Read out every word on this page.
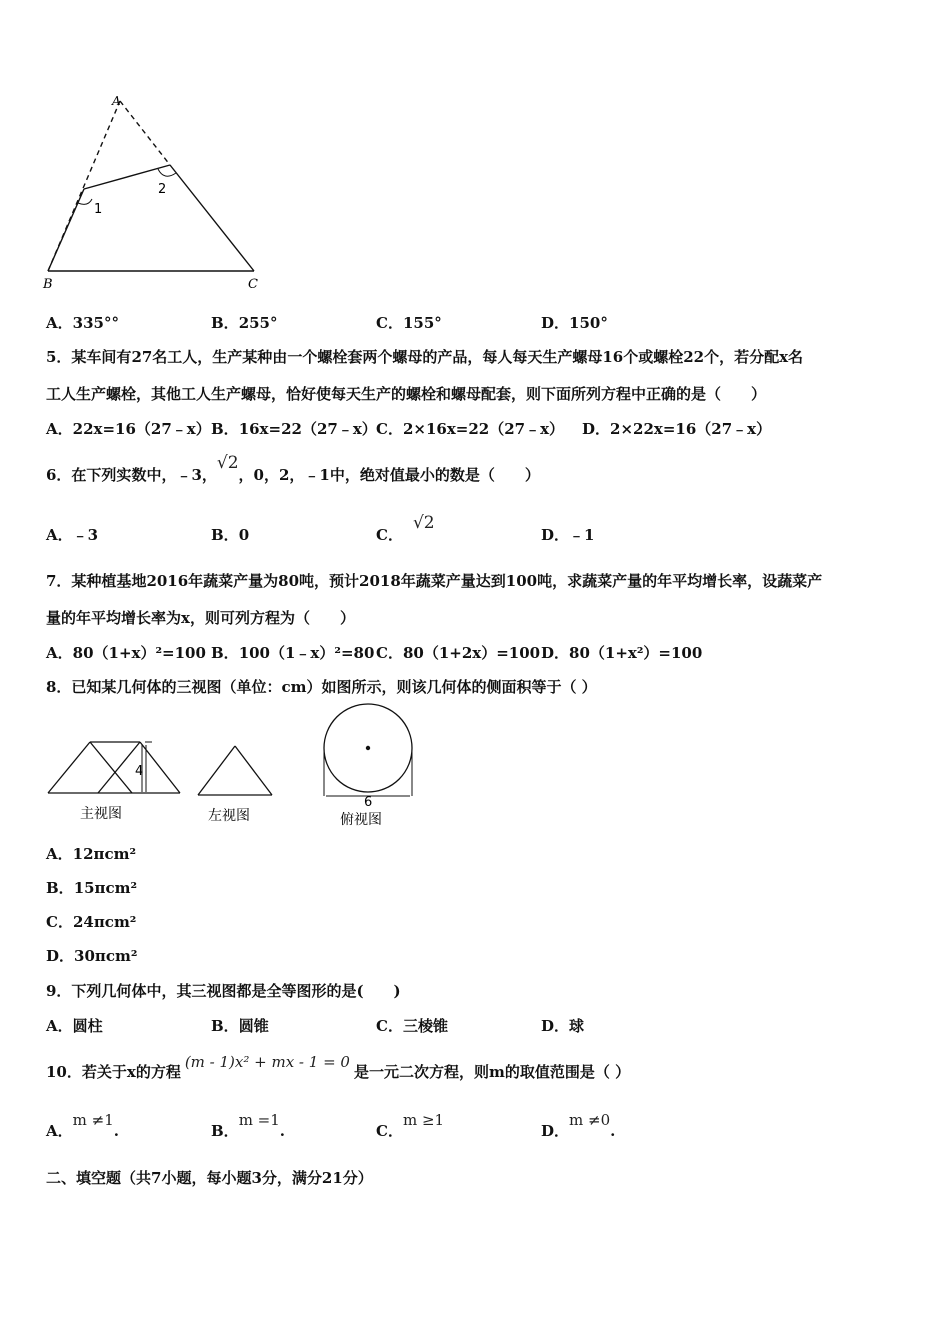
A
B	C
1
2
A．335°°	B．255°	C．155°	D．150°
5．某车间有27名工人，生产某种由一个螺栓套两个螺母的产品，每人每天生产螺母16个或螺栓22个，若分配x名
工人生产螺栓，其他工人生产螺母，恰好使每天生产的螺栓和螺母配套，则下面所列方程中正确的是（　　）
A．22x=16（27﹣x） B．16x=22（27﹣x） C．2×16x=22（27﹣x） D．2×22x=16（27﹣x）
6．在下列实数中，﹣3，√2，0，2，﹣1中，绝对值最小的数是（　　）
A．﹣3	B．0	C．√2
D．﹣1
7．某种植基地2016年蔬菜产量为80吨，预计2018年蔬菜产量达到100吨，求蔬菜产量的年平均增长率，设蔬菜产
量的年平均增长率为x，则可列方程为（　　）
A．80（1+x）²=100 B．100（1﹣x）²=80 C．80（1+2x）=100 D．80（1+x²）=100
8．已知某几何体的三视图（单位：cm）如图所示，则该几何体的侧面积等于（ ）
4
主视图	左视图
6
俯视图
A．12πcm²
B．15πcm²
C．24πcm²
D．30πcm²
9．下列几何体中，其三视图都是全等图形的是(　　)
A．圆柱	B．圆锥	C．三棱锥	D．球
10．若关于x的方程(m - 1)x² + mx - 1 = 0是一元二次方程，则m的取值范围是（ ）
A．m ≠1.	B．m =1.	C．m ≥1
D．m ≠0.
二、填空题（共7小题，每小题3分，满分21分）
